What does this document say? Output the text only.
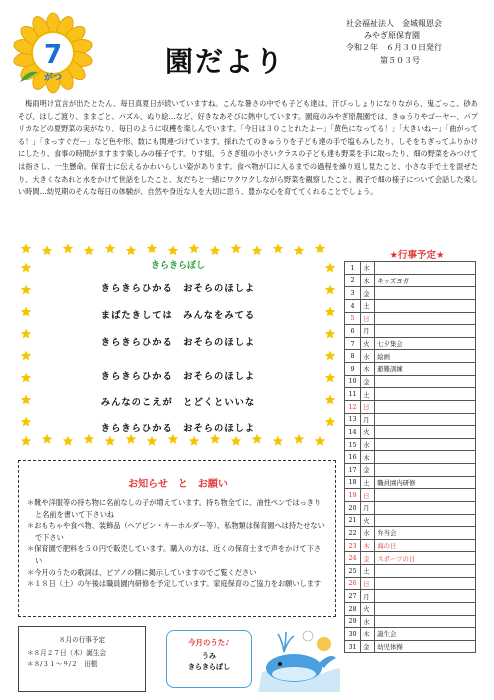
7
がつ	園だより
社会福祉法人　金城報恩会
みやぎ原保育園
令和２年　６月３０日発行
第５０３号
梅雨明け宣言が出たとたん、毎日真夏日が続いていますね。こんな暑さの中でも子ども達は、汗びっしょりになりながら、鬼ごっこ、砂あそび、はしご渡り、ままごと、パズル、ぬり絵…など、好きなあそびに熱中しています。園庭のみやぎ原農園では、きゅうりやゴーヤー、パプリカなどの夏野菜の実がなり、毎日のように収穫を楽しんでいます。「今日は３０ことれたよー」「黄色になってる！」「大きいねー」「曲がってる！」「まっすぐだー」など色や形、数にも関連づけています。採れたてのきゅうりを子ども達の手で塩もみしたり、しそをちぎってふりかけにしたり、食事の時間がますます楽しみの様子です。りす組、うさぎ組の小さいクラスの子ども達も野菜を手に取ったり、畑の野菜をみつけては指さし、一生懸命。保育士に伝えるかわいらしい姿があります。食べ物が口に入るまでの過程を繰り返し見たこと、小さな手で土を混ぜたり、大きくなあれと水をかけて世話をしたこと、友だちと一緒にワクワクしながら野菜を観察したこと、親子で畑の様子について会話した楽しい時間…幼児期のそんな毎日の体験が、自然や身近な人を大切に思う、豊かな心を育ててくれることでしょう。
きらきらぼし
きらきらひかる　おそらのほしよ
まばたきしては　みんなをみてる
きらきらひかる　おそらのほしよ
きらきらひかる　おそらのほしよ
みんなのこえが　とどくといいな
きらきらひかる　おそらのほしよ
お知らせ　と　お願い
＊靴や洋服等の持ち物に名前なしの子が増えています。持ち物全てに、油性ペンではっきりと名前を書いて下さいね
＊おもちゃや食べ物、装飾品（ヘアピン・キーホルダー等）、私物類は保育園へは持たせないで下さい
＊保育園で肥料を５０円で販売しています。購入の方は、近くの保育士まで声をかけて下さい
＊今月のうたの歌詞は、ピアノの側に掲示していますのでご覧ください
＊１８日（土）の午後は職員園内研修を予定しています。家庭保育のご協力をお願いします
８月の行事予定
＊８月２７日（木）誕生会
＊８/３１～９/２　田植
今月のうた♪
うみ
きらきらぼし
★行事予定★
1	水	
2	木	キッズヨガ
3	金	
4	土	
5	日	
6	月	
7	火	七夕集会
8	水	絵画
9	木	避難訓練
10	金	
11	土	
12	日	
13	月	
14	火	
15	水	
16	木	
17	金	
18	土	職員園内研修
19	日	
20	月	
21	火	
22	水	弁当会
23	木	海の日
24	金	スポーツの日
25	土	
26	日	
27	月	
28	火	
29	水	
30	木	誕生会
31	金	幼児体操
